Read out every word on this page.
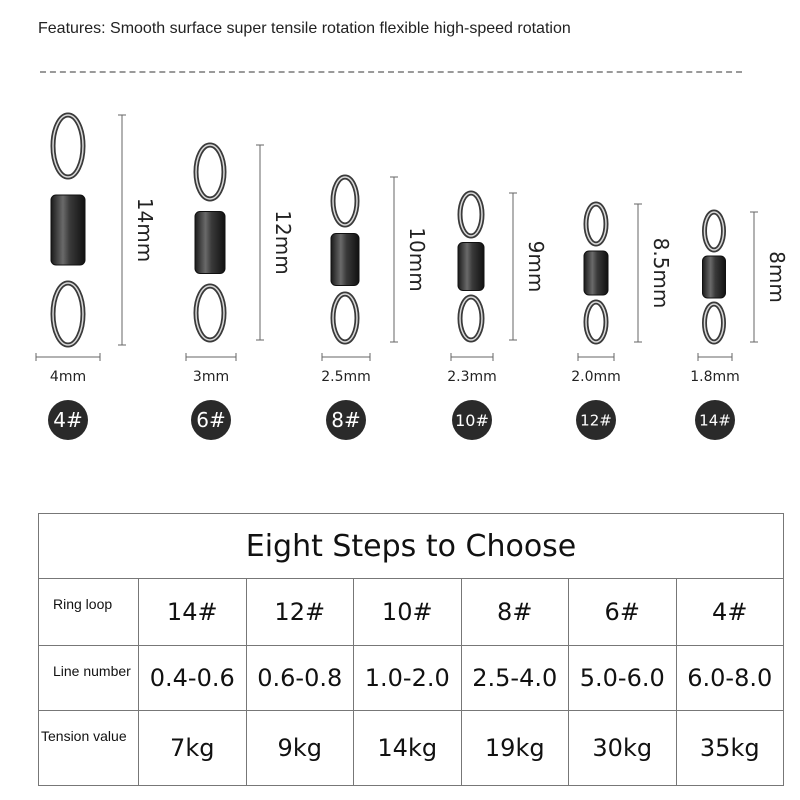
Features: Smooth surface super tensile rotation flexible high-speed rotation
14mm
4mm
4#
12mm
3mm
6#
10mm
2.5mm
8#
9mm
2.3mm
10#
8.5mm
2.0mm
12#
8mm
1.8mm
14#
Eight Steps to Choose
Ring loop	14#	12#	10#	8#	6#	4#
Line number 0.4-0.6 0.6-0.8 1.0-2.0 2.5-4.0 5.0-6.0 6.0-8.0
Tension value	7kg	9kg	14kg	19kg	30kg	35kg
